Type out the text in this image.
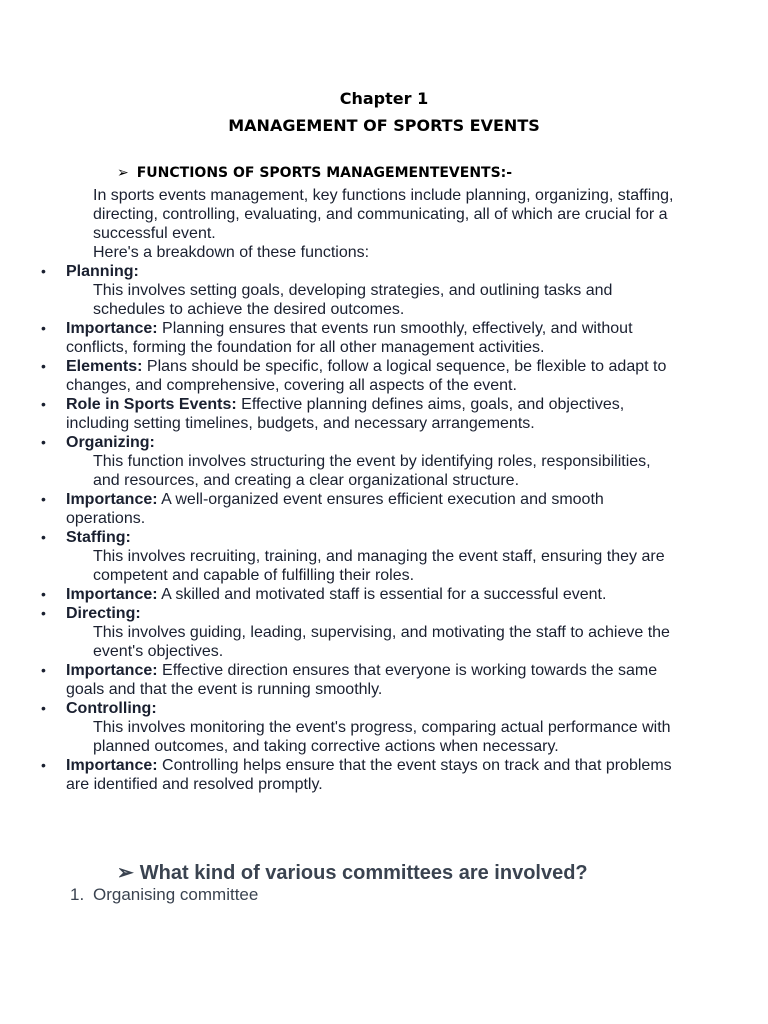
Chapter 1
MANAGEMENT OF SPORTS EVENTS
➢ FUNCTIONS OF SPORTS MANAGEMENTEVENTS:-
In sports events management, key functions include planning, organizing, staffing, directing, controlling, evaluating, and communicating, all of which are crucial for a successful event.
Here's a breakdown of these functions:
• Planning:
This involves setting goals, developing strategies, and outlining tasks and schedules to achieve the desired outcomes.
• Importance: Planning ensures that events run smoothly, effectively, and without conflicts, forming the foundation for all other management activities.
• Elements: Plans should be specific, follow a logical sequence, be flexible to adapt to changes, and comprehensive, covering all aspects of the event.
• Role in Sports Events: Effective planning defines aims, goals, and objectives, including setting timelines, budgets, and necessary arrangements.
• Organizing:
This function involves structuring the event by identifying roles, responsibilities, and resources, and creating a clear organizational structure.
• Importance: A well-organized event ensures efficient execution and smooth operations.
• Staffing:
This involves recruiting, training, and managing the event staff, ensuring they are competent and capable of fulfilling their roles.
• Importance: A skilled and motivated staff is essential for a successful event.
• Directing:
This involves guiding, leading, supervising, and motivating the staff to achieve the event's objectives.
• Importance: Effective direction ensures that everyone is working towards the same goals and that the event is running smoothly.
• Controlling:
This involves monitoring the event's progress, comparing actual performance with planned outcomes, and taking corrective actions when necessary.
• Importance: Controlling helps ensure that the event stays on track and that problems are identified and resolved promptly.
➢ What kind of various committees are involved?
1. Organising committee
